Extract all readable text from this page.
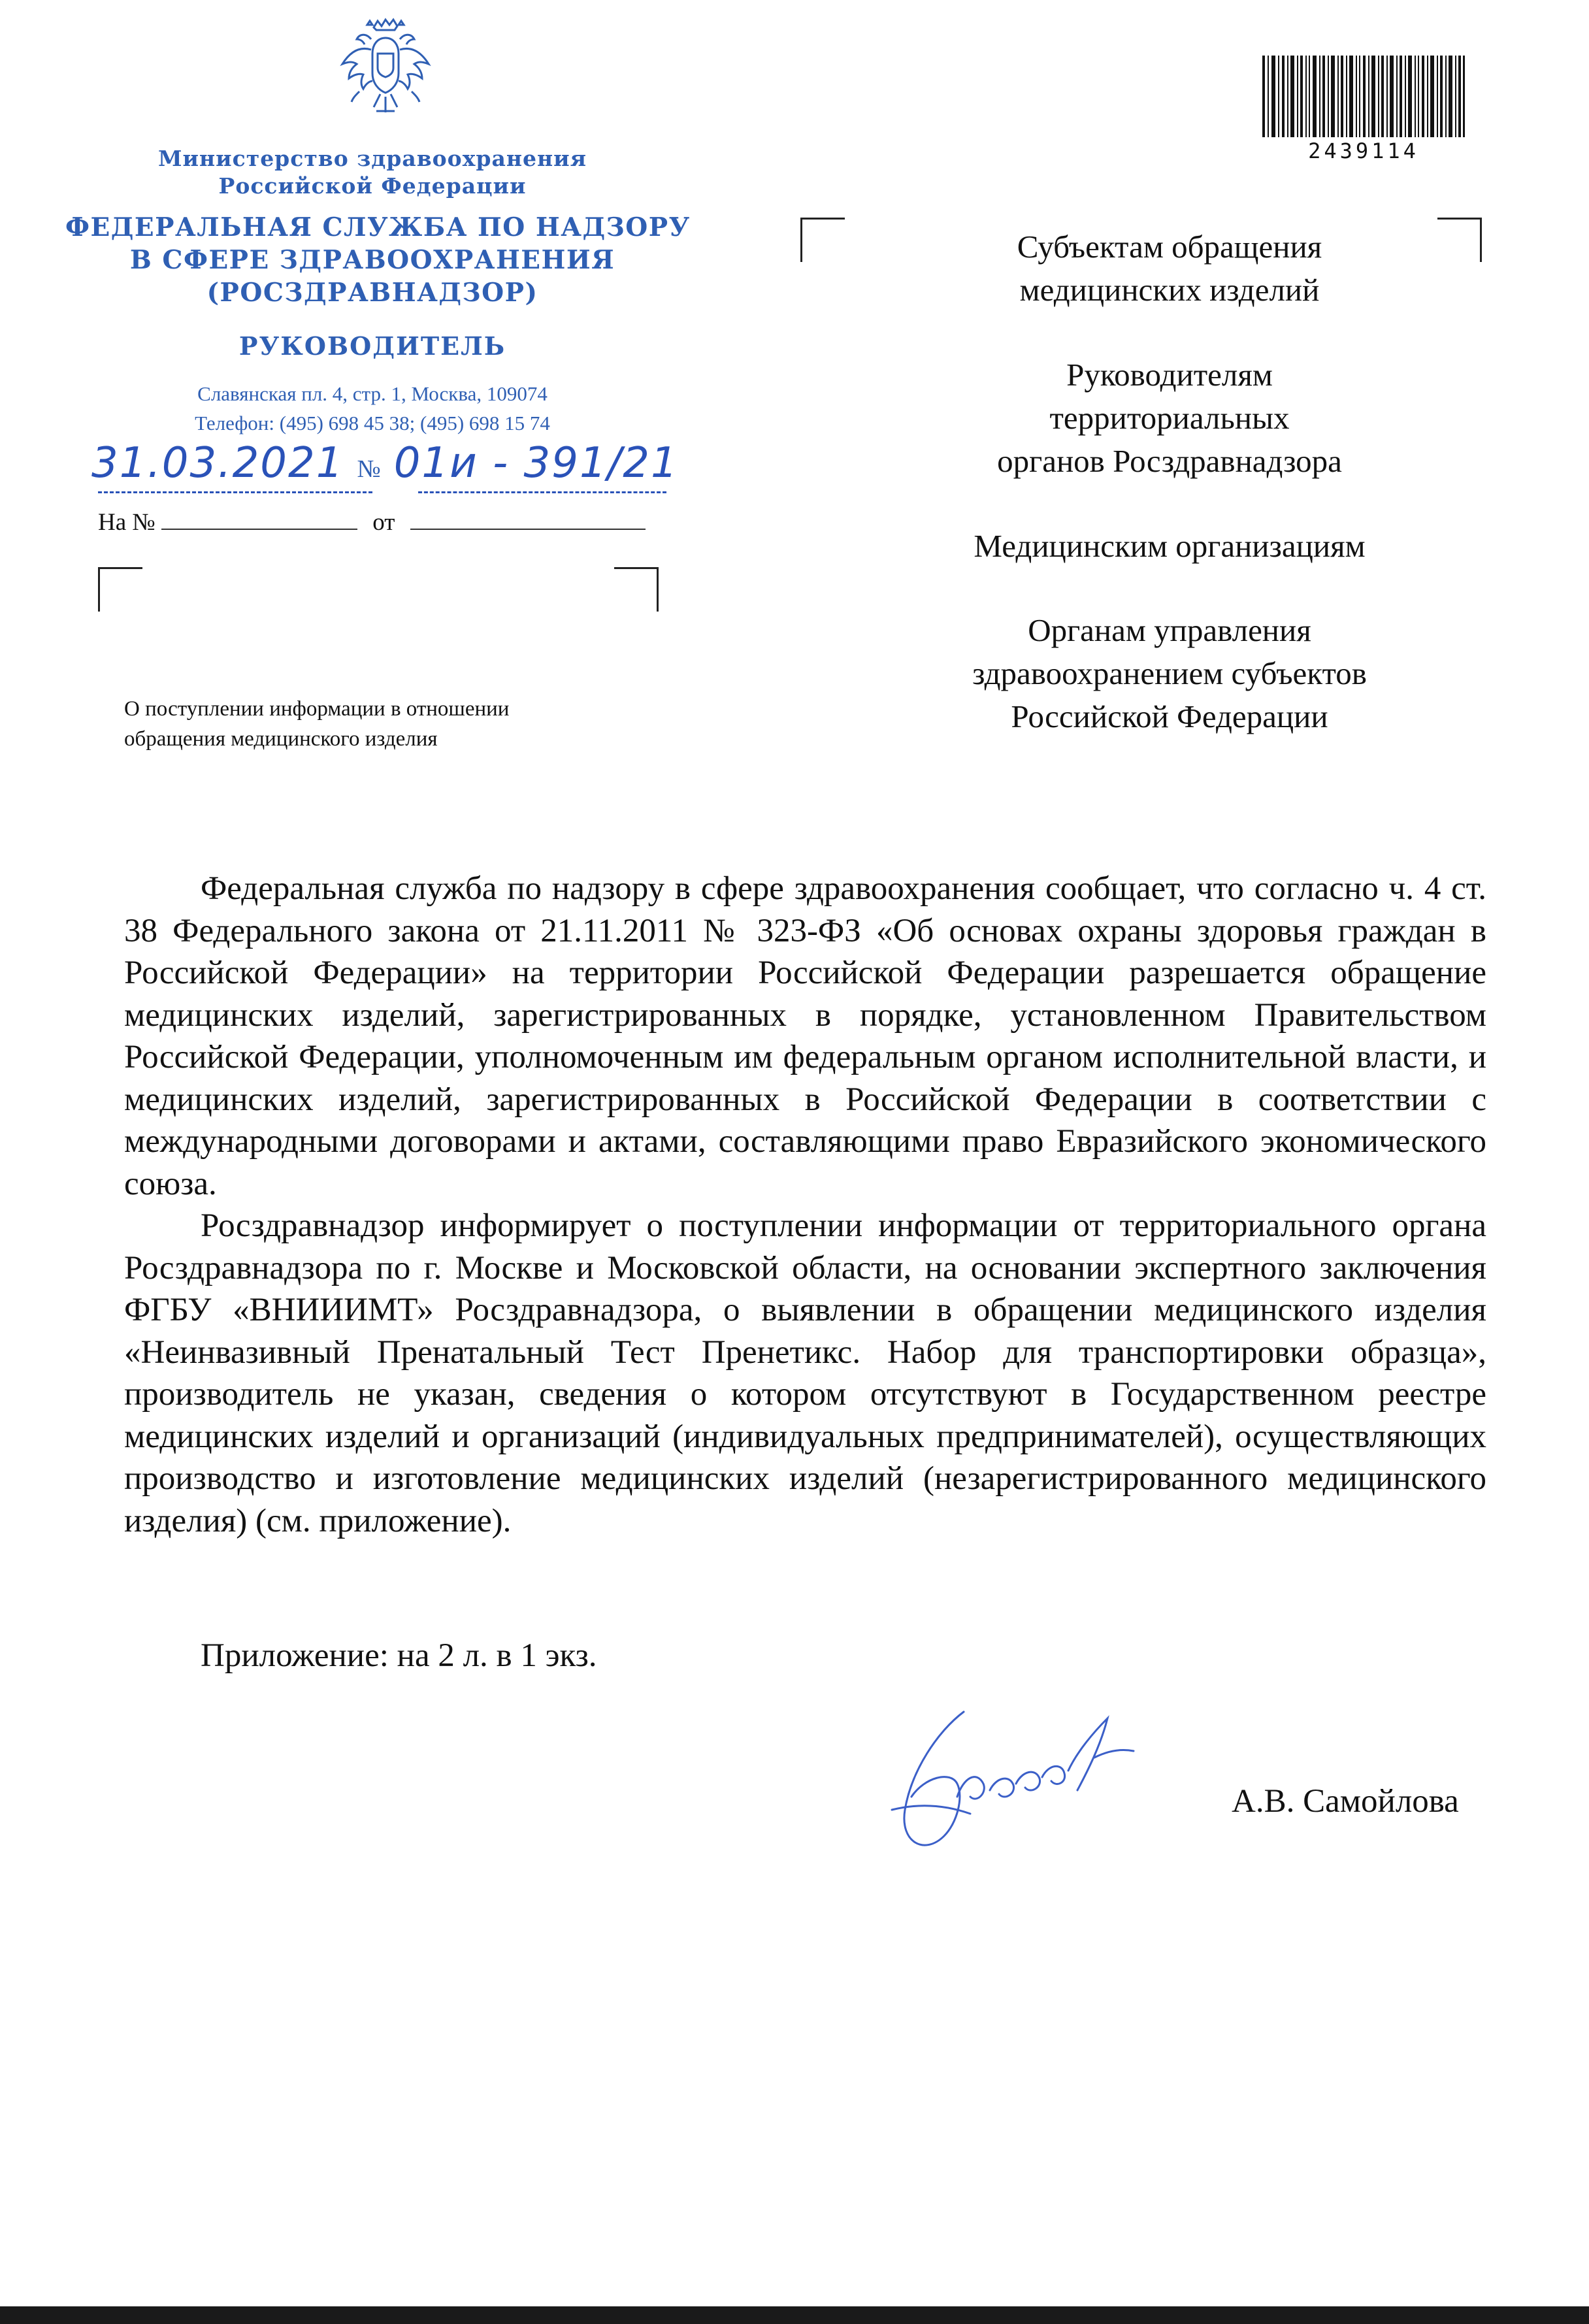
Министерство здравоохранения
Российской Федерации
ФЕДЕРАЛЬНАЯ СЛУЖБА ПО НАДЗОРУ
В СФЕРЕ ЗДРАВООХРАНЕНИЯ
(РОСЗДРАВНАДЗОР)
РУКОВОДИТЕЛЬ
Славянская пл. 4, стр. 1, Москва, 109074
Телефон: (495) 698 45 38; (495) 698 15 74
31.03.2021 № 01и - 391/21
На №	от
О поступлении информации в отношении
обращения медицинского изделия
2439114
Субъектам обращения
медицинских изделий
Руководителям
территориальных
органов Росздравнадзора
Медицинским организациям
Органам управления
здравоохранением субъектов
Российской Федерации

Федеральная служба по надзору в сфере здравоохранения сообщает, что согласно ч. 4 ст. 38 Федерального закона от 21.11.2011 № 323-ФЗ «Об основах охраны здоровья граждан в Российской Федерации» на территории Российской Федерации разрешается обращение медицинских изделий, зарегистрированных в порядке, установленном Правительством Российской Федерации, уполномоченным им федеральным органом исполнительной власти, и медицинских изделий, зарегистрированных в Российской Федерации в соответствии с международными договорами и актами, составляющими право Евразийского экономического союза.

Росздравнадзор информирует о поступлении информации от территориального органа Росздравнадзора по г. Москве и Московской области, на основании экспертного заключения ФГБУ «ВНИИИМТ» Росздравнадзора, о выявлении в обращении медицинского изделия «Неинвазивный Пренатальный Тест Пренетикс. Набор для транспортировки образца», производитель не указан, сведения о котором отсутствуют в Государственном реестре медицинских изделий и организаций (индивидуальных предпринимателей), осуществляющих производство и изготовление медицинских изделий (незарегистрированного медицинского изделия) (см. приложение).

Приложение: на 2 л. в 1 экз.
А.В. Самойлова
